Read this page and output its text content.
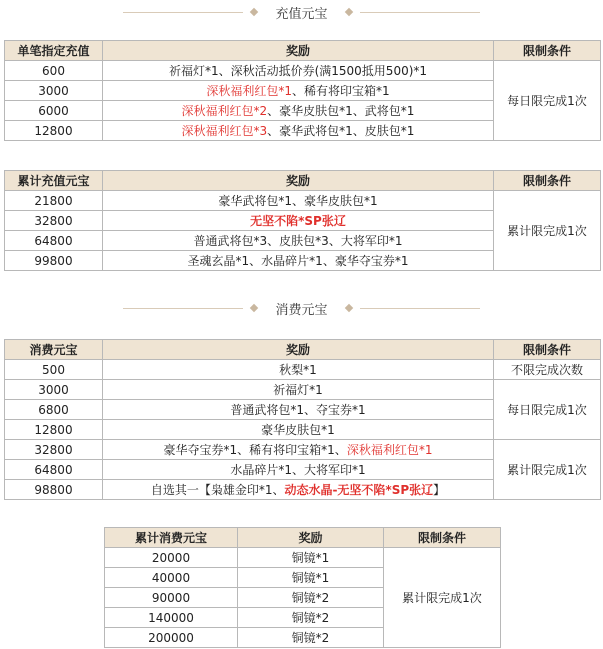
充值元宝
单笔指定充值	奖励	限制条件
600	祈福灯*1、深秋活动抵价券(满1500抵用500)*1	每日限完成1次
3000	深秋福利红包*1、稀有将印宝箱*1	
6000	深秋福利红包*2、豪华皮肤包*1、武将包*1	
12800	深秋福利红包*3、豪华武将包*1、皮肤包*1	
累计充值元宝	奖励	限制条件
21800	豪华武将包*1、豪华皮肤包*1	累计限完成1次
32800	无坚不陷*SP张辽	
64800	普通武将包*3、皮肤包*3、大将军印*1	
99800	圣魂玄晶*1、水晶碎片*1、豪华夺宝券*1	
消费元宝
消费元宝	奖励	限制条件
500	秋梨*1	不限完成次数
3000	祈福灯*1	每日限完成1次
6800	普通武将包*1、夺宝券*1	
12800	豪华皮肤包*1	
32800	豪华夺宝券*1、稀有将印宝箱*1、深秋福利红包*1	累计限完成1次
64800	水晶碎片*1、大将军印*1	
98800	自选其一【枭雄金印*1、动态水晶-无坚不陷*SP张辽】	
累计消费元宝	奖励	限制条件
20000	铜镜*1	累计限完成1次
40000	铜镜*1	
90000	铜镜*2	
140000	铜镜*2	
200000	铜镜*2	
